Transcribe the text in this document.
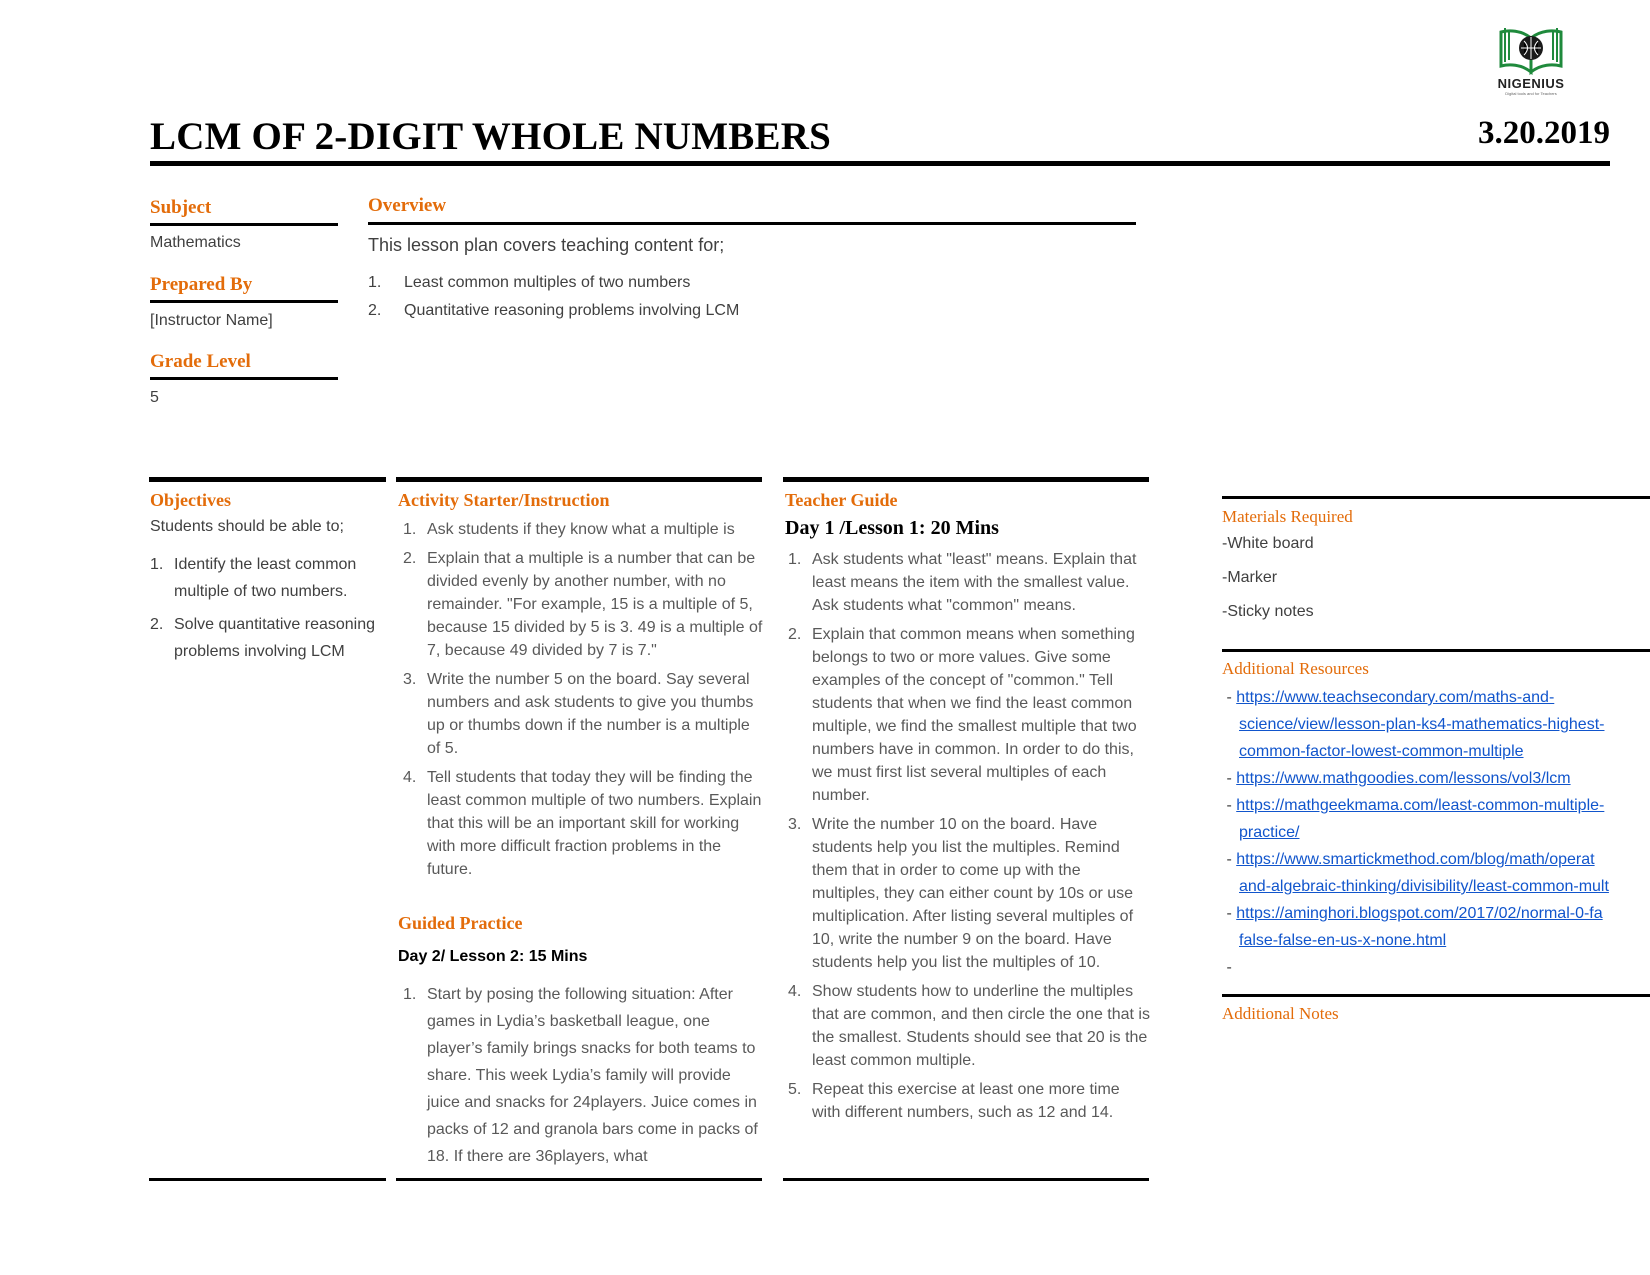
NIGENIUS
Digital tools and for Teachers
LCM OF 2-DIGIT WHOLE NUMBERS	3.20.2019
Subject
Mathematics
Prepared By
[Instructor Name]
Grade Level
5
Overview
This lesson plan covers teaching content for;
1. Least common multiples of two numbers
2. Quantitative reasoning problems involving LCM
Objectives
Students should be able to;
1. Identify the least common multiple of two numbers.
2. Solve quantitative reasoning problems involving LCM
Activity Starter/Instruction
1. Ask students if they know what a multiple is
2. Explain that a multiple is a number that can be divided evenly by another number, with no remainder. "For example, 15 is a multiple of 5, because 15 divided by 5 is 3. 49 is a multiple of 7, because 49 divided by 7 is 7."
3. Write the number 5 on the board. Say several numbers and ask students to give you thumbs up or thumbs down if the number is a multiple of 5.
4. Tell students that today they will be finding the least common multiple of two numbers. Explain that this will be an important skill for working with more difficult fraction problems in the future.
Guided Practice
Day 2/ Lesson 2: 15 Mins
1. Start by posing the following situation: After games in Lydia’s basketball league, one player’s family brings snacks for both teams to share. This week Lydia’s family will provide juice and snacks for 24players. Juice comes in packs of 12 and granola bars come in packs of 18. If there are 36players, what
Teacher Guide
Day 1 /Lesson 1: 20 Mins
1. Ask students what "least" means. Explain that least means the item with the smallest value. Ask students what "common" means.
2. Explain that common means when something belongs to two or more values. Give some examples of the concept of "common." Tell students that when we find the least common multiple, we find the smallest multiple that two numbers have in common. In order to do this, we must first list several multiples of each number.
3. Write the number 10 on the board. Have students help you list the multiples. Remind them that in order to come up with the multiples, they can either count by 10s or use multiplication. After listing several multiples of 10, write the number 9 on the board. Have students help you list the multiples of 10.
4. Show students how to underline the multiples that are common, and then circle the one that is the smallest. Students should see that 20 is the least common multiple.
5. Repeat this exercise at least one more time with different numbers, such as 12 and 14.
Materials Required
-White board
-Marker
-Sticky notes
Additional Resources
- https://www.teachsecondary.com/maths-and-
science/view/lesson-plan-ks4-mathematics-highest-
common-factor-lowest-common-multiple
- https://www.mathgoodies.com/lessons/vol3/lcm
- https://mathgeekmama.com/least-common-multiple-
practice/
- https://www.smartickmethod.com/blog/math/operat
and-algebraic-thinking/divisibility/least-common-mult
- https://aminghori.blogspot.com/2017/02/normal-0-fa
false-false-en-us-x-none.html
-
Additional Notes
